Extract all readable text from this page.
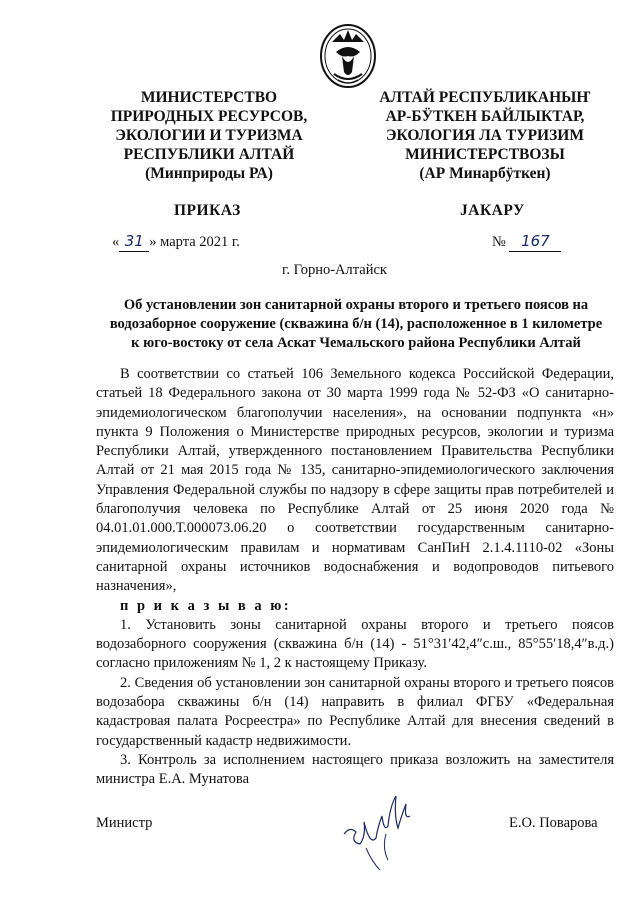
МИНИСТЕРСТВО
ПРИРОДНЫХ РЕСУРСОВ,
ЭКОЛОГИИ И ТУРИЗМА
РЕСПУБЛИКИ АЛТАЙ
(Минприроды РА)
АЛТАЙ РЕСПУБЛИКАНЫҤ
АР-БӰТКЕН БАЙЛЫКТАР,
ЭКОЛОГИЯ ЛА ТУРИЗИМ
МИНИСТЕРСТВОЗЫ
(АР Минарбӱткен)
ПРИКАЗ	JАКАРУ
« 31 » марта 2021 г.	№ 167
г. Горно-Алтайск
Об установлении зон санитарной охраны второго и третьего поясов на
водозаборное сооружение (скважина б/н (14), расположенное в 1 километре
к юго-востоку от села Аскат Чемальского района Республики Алтай

В соответствии со статьей 106 Земельного кодекса Российской Федерации, статьей 18 Федерального закона от 30 марта 1999 года № 52-ФЗ «О санитарно-эпидемиологическом благополучии населения», на основании подпункта «н» пункта 9 Положения о Министерстве природных ресурсов, экологии и туризма Республики Алтай, утвержденного постановлением Правительства Республики Алтай от 21 мая 2015 года № 135, санитарно-эпидемиологического заключения Управления Федеральной службы по надзору в сфере защиты прав потребителей и благополучия человека по Республике Алтай от 25 июня 2020 года № 04.01.01.000.Т.000073.06.20 о соответствии государственным санитарно-эпидемиологическим правилам и нормативам СанПиН 2.1.4.1110-02 «Зоны санитарной охраны источников водоснабжения и водопроводов питьевого назначения»,

п р и к а з ы в а ю:

1. Установить зоны санитарной охраны второго и третьего поясов водозаборного сооружения (скважина б/н (14) - 51°31′42,4″с.ш., 85°55′18,4″в.д.) согласно приложениям № 1, 2 к настоящему Приказу.

2. Сведения об установлении зон санитарной охраны второго и третьего поясов водозабора скважины б/н (14) направить в филиал ФГБУ «Федеральная кадастровая палата Росреестра» по Республике Алтай для внесения сведений в государственный кадастр недвижимости.

3. Контроль за исполнением настоящего приказа возложить на заместителя министра Е.А. Мунатова

Министр	Е.О. Поварова
